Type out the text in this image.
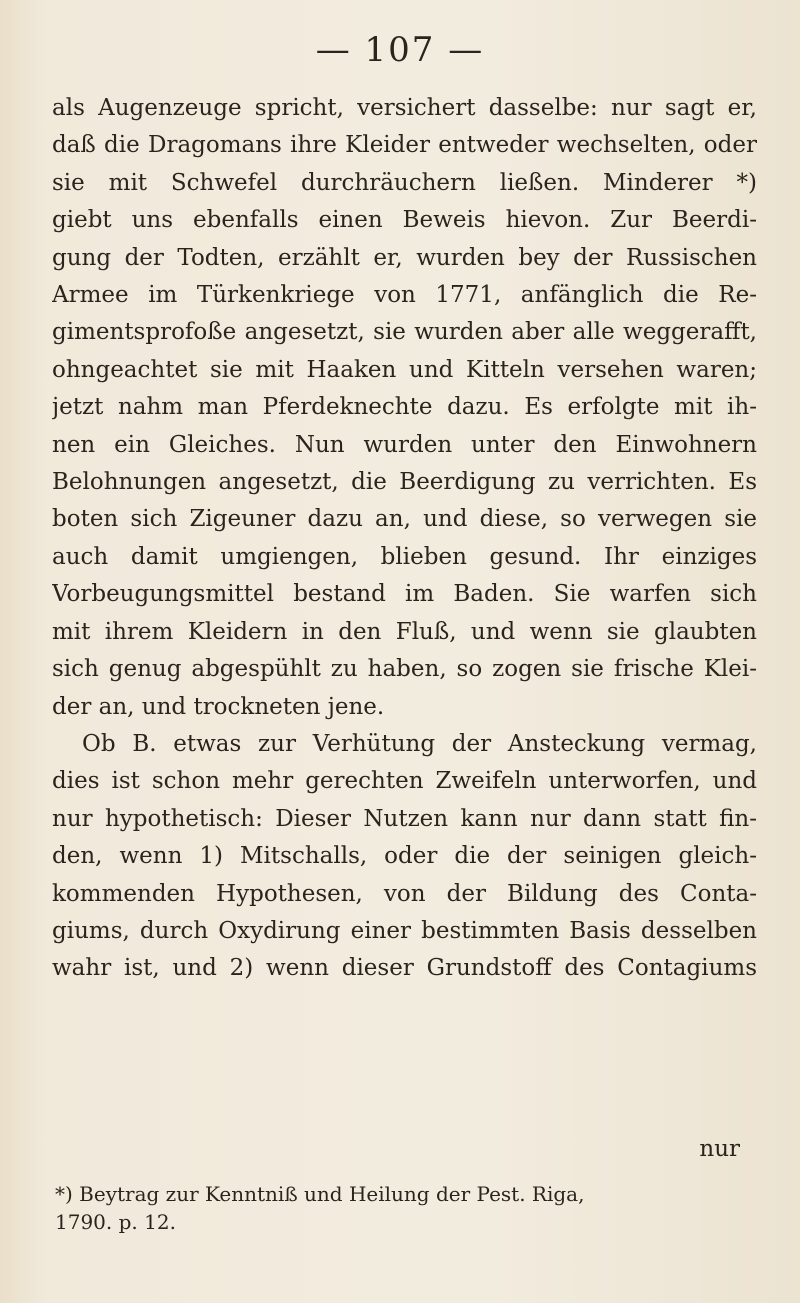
— 107 —
als Augenzeuge spricht, versichert dasselbe: nur sagt er,
daß die Dragomans ihre Kleider entweder wechselten, oder
sie mit Schwefel durchräuchern ließen. Minderer *)
giebt uns ebenfalls einen Beweis hievon. Zur Beerdi-
gung der Todten, erzählt er, wurden bey der Russischen
Armee im Türkenkriege von 1771, anfänglich die Re-
gimentsprofoße angesetzt, sie wurden aber alle weggerafft,
ohngeachtet sie mit Haaken und Kitteln versehen waren;
jetzt nahm man Pferdeknechte dazu. Es erfolgte mit ih-
nen ein Gleiches. Nun wurden unter den Einwohnern
Belohnungen angesetzt, die Beerdigung zu verrichten. Es
boten sich Zigeuner dazu an, und diese, so verwegen sie
auch damit umgiengen, blieben gesund. Ihr einziges
Vorbeugungsmittel bestand im Baden. Sie warfen sich
mit ihrem Kleidern in den Fluß, und wenn sie glaubten
sich genug abgespühlt zu haben, so zogen sie frische Klei-
der an, und trockneten jene.
Ob B. etwas zur Verhütung der Ansteckung vermag,
dies ist schon mehr gerechten Zweifeln unterworfen, und
nur hypothetisch: Dieser Nutzen kann nur dann statt fin-
den, wenn 1) Mitschalls, oder die der seinigen gleich-
kommenden Hypothesen, von der Bildung des Conta-
giums, durch Oxydirung einer bestimmten Basis desselben
wahr ist, und 2) wenn dieser Grundstoff des Contagiums
nur
*) Beytrag zur Kenntniß und Heilung der Pest. Riga,
1790. p. 12.
